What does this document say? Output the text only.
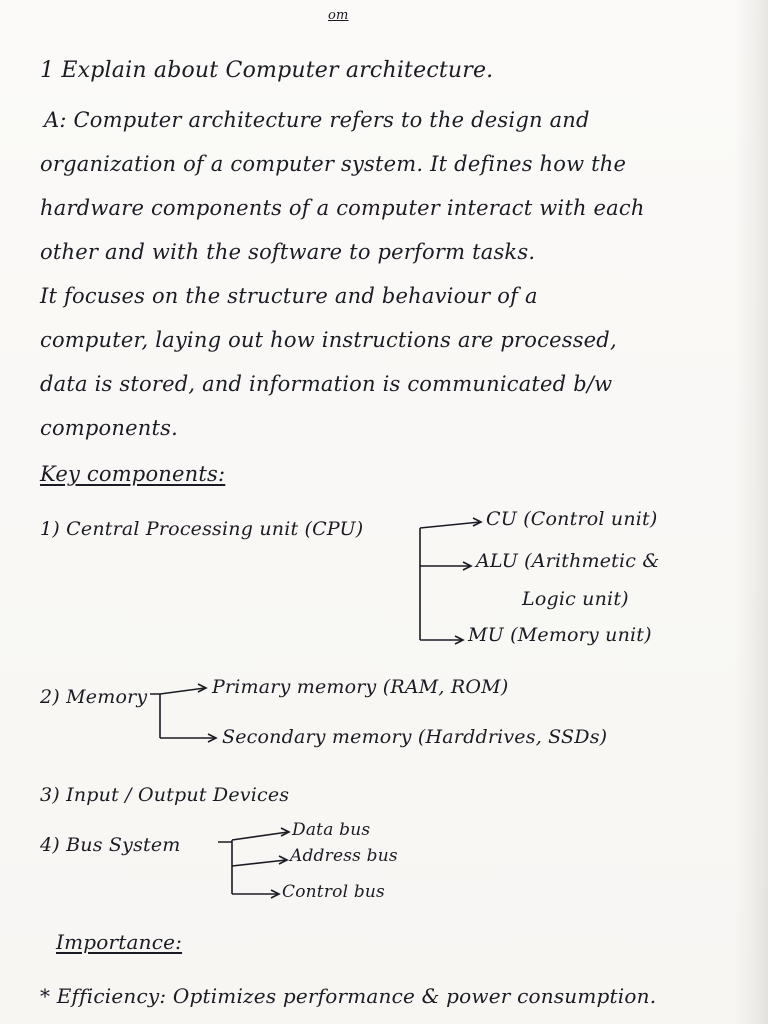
om
1 Explain about Computer architecture.
A: Computer architecture refers to the design and
organization of a computer system. It defines how the
hardware components of a computer interact with each
other and with the software to perform tasks.
It focuses on the structure and behaviour of a
computer, laying out how instructions are processed,
data is stored, and information is communicated b/w
components.
Key components:
1) Central Processing unit (CPU)	CU (Control unit)
ALU (Arithmetic &
Logic unit)
MU (Memory unit)
2) Memory	Primary memory (RAM, ROM)
Secondary memory (Harddrives, SSDs)
3) Input / Output Devices
4) Bus System
Data bus
Address bus
Control bus
Importance:
* Efficiency: Optimizes performance & power consumption.
